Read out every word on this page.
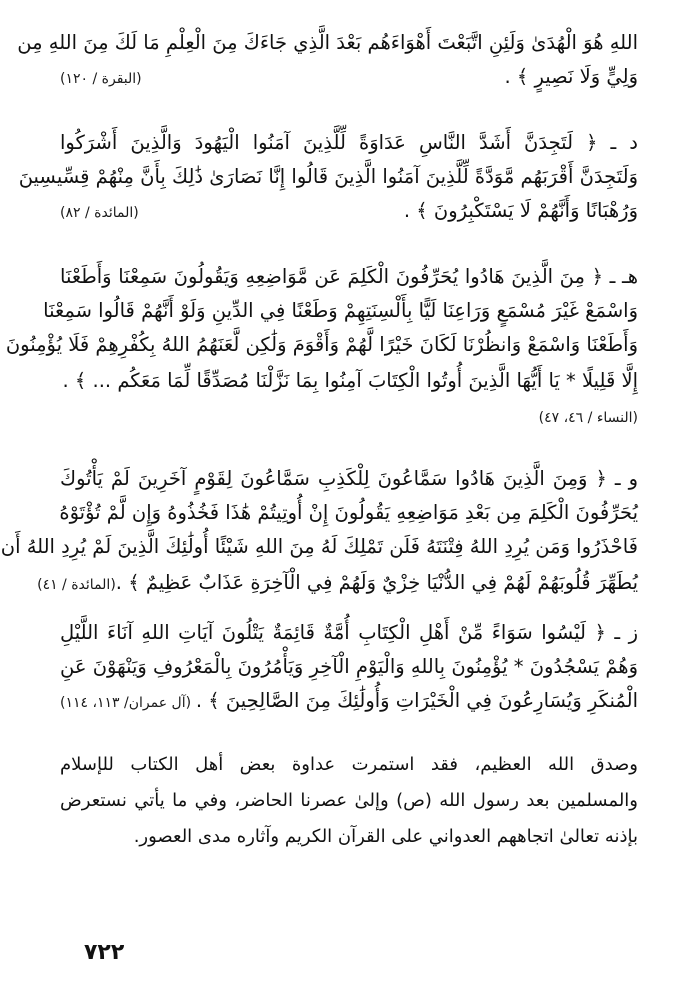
اللهِ هُوَ الْهُدَىٰ وَلَئِنِ اتَّبَعْتَ أَهْوَاءَهُم بَعْدَ الَّذِي جَاءَكَ مِنَ الْعِلْمِ مَا لَكَ مِنَ اللهِ مِن
وَلِيٍّ وَلَا نَصِيرٍ ﴾ .
(البقرة / ١٢٠)
د ـ ﴿ لَتَجِدَنَّ أَشَدَّ النَّاسِ عَدَاوَةً لِّلَّذِينَ آمَنُوا الْيَهُودَ وَالَّذِينَ أَشْرَكُوا
وَلَتَجِدَنَّ أَقْرَبَهُم مَّوَدَّةً لِّلَّذِينَ آمَنُوا الَّذِينَ قَالُوا إِنَّا نَصَارَىٰ ذَٰلِكَ بِأَنَّ مِنْهُمْ قِسِّيسِينَ
وَرُهْبَانًا وَأَنَّهُمْ لَا يَسْتَكْبِرُونَ ﴾ .
(المائدة / ٨٢)
هـ ـ ﴿ مِنَ الَّذِينَ هَادُوا يُحَرِّفُونَ الْكَلِمَ عَن مَّوَاضِعِهِ وَيَقُولُونَ سَمِعْنَا وَأَطَعْنَا
وَاسْمَعْ غَيْرَ مُسْمَعٍ وَرَاعِنَا لَيًّا بِأَلْسِنَتِهِمْ وَطَعْنًا فِي الدِّينِ وَلَوْ أَنَّهُمْ قَالُوا سَمِعْنَا
وَأَطَعْنَا وَاسْمَعْ وَانظُرْنَا لَكَانَ خَيْرًا لَّهُمْ وَأَقْوَمَ وَلَٰكِن لَّعَنَهُمُ اللهُ بِكُفْرِهِمْ فَلَا يُؤْمِنُونَ
إِلَّا قَلِيلًا * يَا أَيُّهَا الَّذِينَ أُوتُوا الْكِتَابَ آمِنُوا بِمَا نَزَّلْنَا مُصَدِّقًا لِّمَا مَعَكُم ... ﴾ .
(النساء / ٤٦، ٤٧)
و ـ ﴿ وَمِنَ الَّذِينَ هَادُوا سَمَّاعُونَ لِلْكَذِبِ سَمَّاعُونَ لِقَوْمٍ آخَرِينَ لَمْ يَأْتُوكَ
يُحَرِّفُونَ الْكَلِمَ مِن بَعْدِ مَوَاضِعِهِ يَقُولُونَ إِنْ أُوتِيتُمْ هَٰذَا فَخُذُوهُ وَإِن لَّمْ تُؤْتَوْهُ
فَاحْذَرُوا وَمَن يُرِدِ اللهُ فِتْنَتَهُ فَلَن تَمْلِكَ لَهُ مِنَ اللهِ شَيْئًا أُولَٰئِكَ الَّذِينَ لَمْ يُرِدِ اللهُ أَن
يُطَهِّرَ قُلُوبَهُمْ لَهُمْ فِي الدُّنْيَا خِزْيٌ وَلَهُمْ فِي الْآخِرَةِ عَذَابٌ عَظِيمٌ ﴾ .
(المائدة / ٤١)
ز ـ ﴿ لَيْسُوا سَوَاءً مِّنْ أَهْلِ الْكِتَابِ أُمَّةٌ قَائِمَةٌ يَتْلُونَ آيَاتِ اللهِ آنَاءَ اللَّيْلِ
وَهُمْ يَسْجُدُونَ * يُؤْمِنُونَ بِاللهِ وَالْيَوْمِ الْآخِرِ وَيَأْمُرُونَ بِالْمَعْرُوفِ وَيَنْهَوْنَ عَنِ
الْمُنكَرِ وَيُسَارِعُونَ فِي الْخَيْرَاتِ وَأُولَٰئِكَ مِنَ الصَّالِحِينَ ﴾ .
(آل عمران/ ١١٣، ١١٤)
وصدق الله العظيم، فقد استمرت عداوة بعض أهل الكتاب للإسلام
والمسلمين بعد رسول الله (ص) وإلىٰ عصرنا الحاضر، وفي ما يأتي نستعرض
بإذنه تعالىٰ اتجاههم العدواني على القرآن الكريم وآثاره مدى العصور.
٧٢٢
